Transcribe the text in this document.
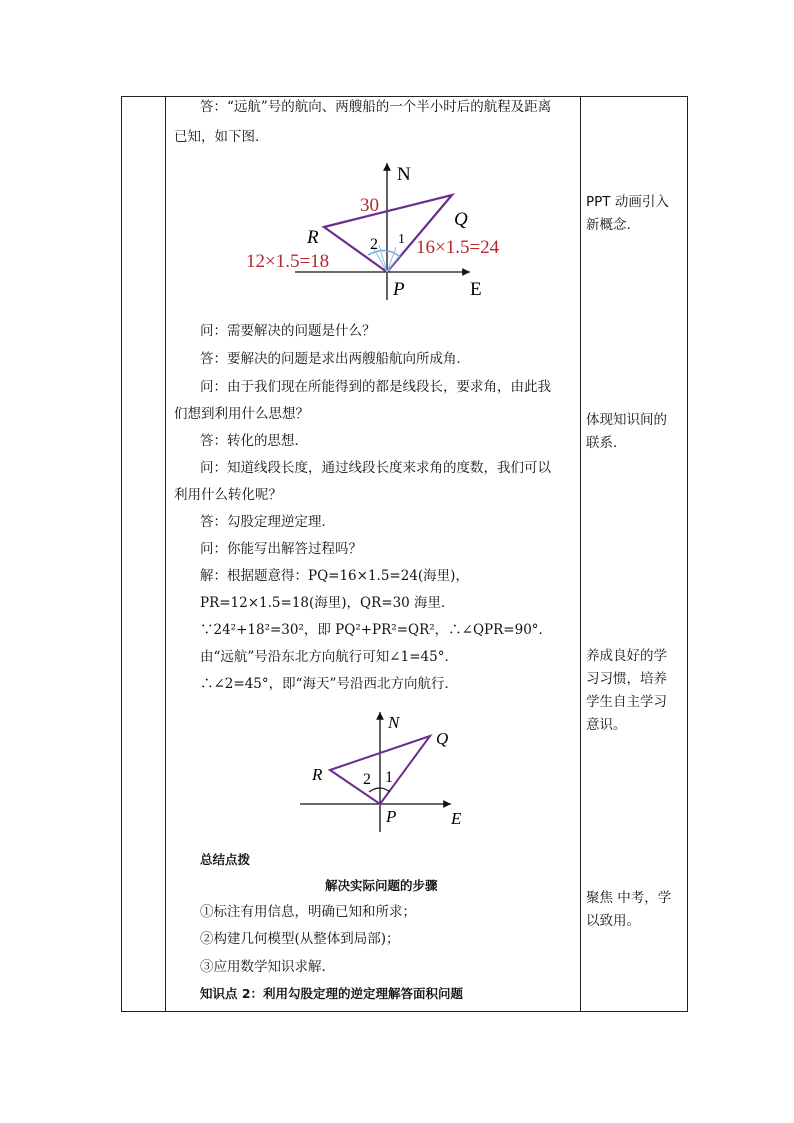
答：“远航”号的航向、两艘船的一个半小时后的航程及距离
已知，如下图．
N
E
P
R
Q
1
2
30
12×1.5=18
16×1.5=24
问：需要解决的问题是什么？
答：要解决的问题是求出两艘船航向所成角．
问：由于我们现在所能得到的都是线段长，要求角，由此我
们想到利用什么思想？
答：转化的思想．
问：知道线段长度，通过线段长度来求角的度数，我们可以
利用什么转化呢？
答：勾股定理逆定理．
问：你能写出解答过程吗？
解：根据题意得：PQ=16×1.5=24(海里)，
PR=12×1.5=18(海里)，QR=30 海里．
∵24²+18²=30²，即 PQ²+PR²=QR²，∴∠QPR=90°．
由“远航”号沿东北方向航行可知∠1=45°．
∴∠2=45°，即“海天”号沿西北方向航行．
N
E
P
R
Q
2 1
总结点拨
解决实际问题的步骤
①标注有用信息，明确已知和所求；
②构建几何模型(从整体到局部)；
③应用数学知识求解．
知识点 2：利用勾股定理的逆定理解答面积问题
PPT 动画引入
新概念.
体现知识间的
联系.
养成良好的学
习习惯，培养
学生自主学习
意识。
聚焦 中考，学
以致用。
